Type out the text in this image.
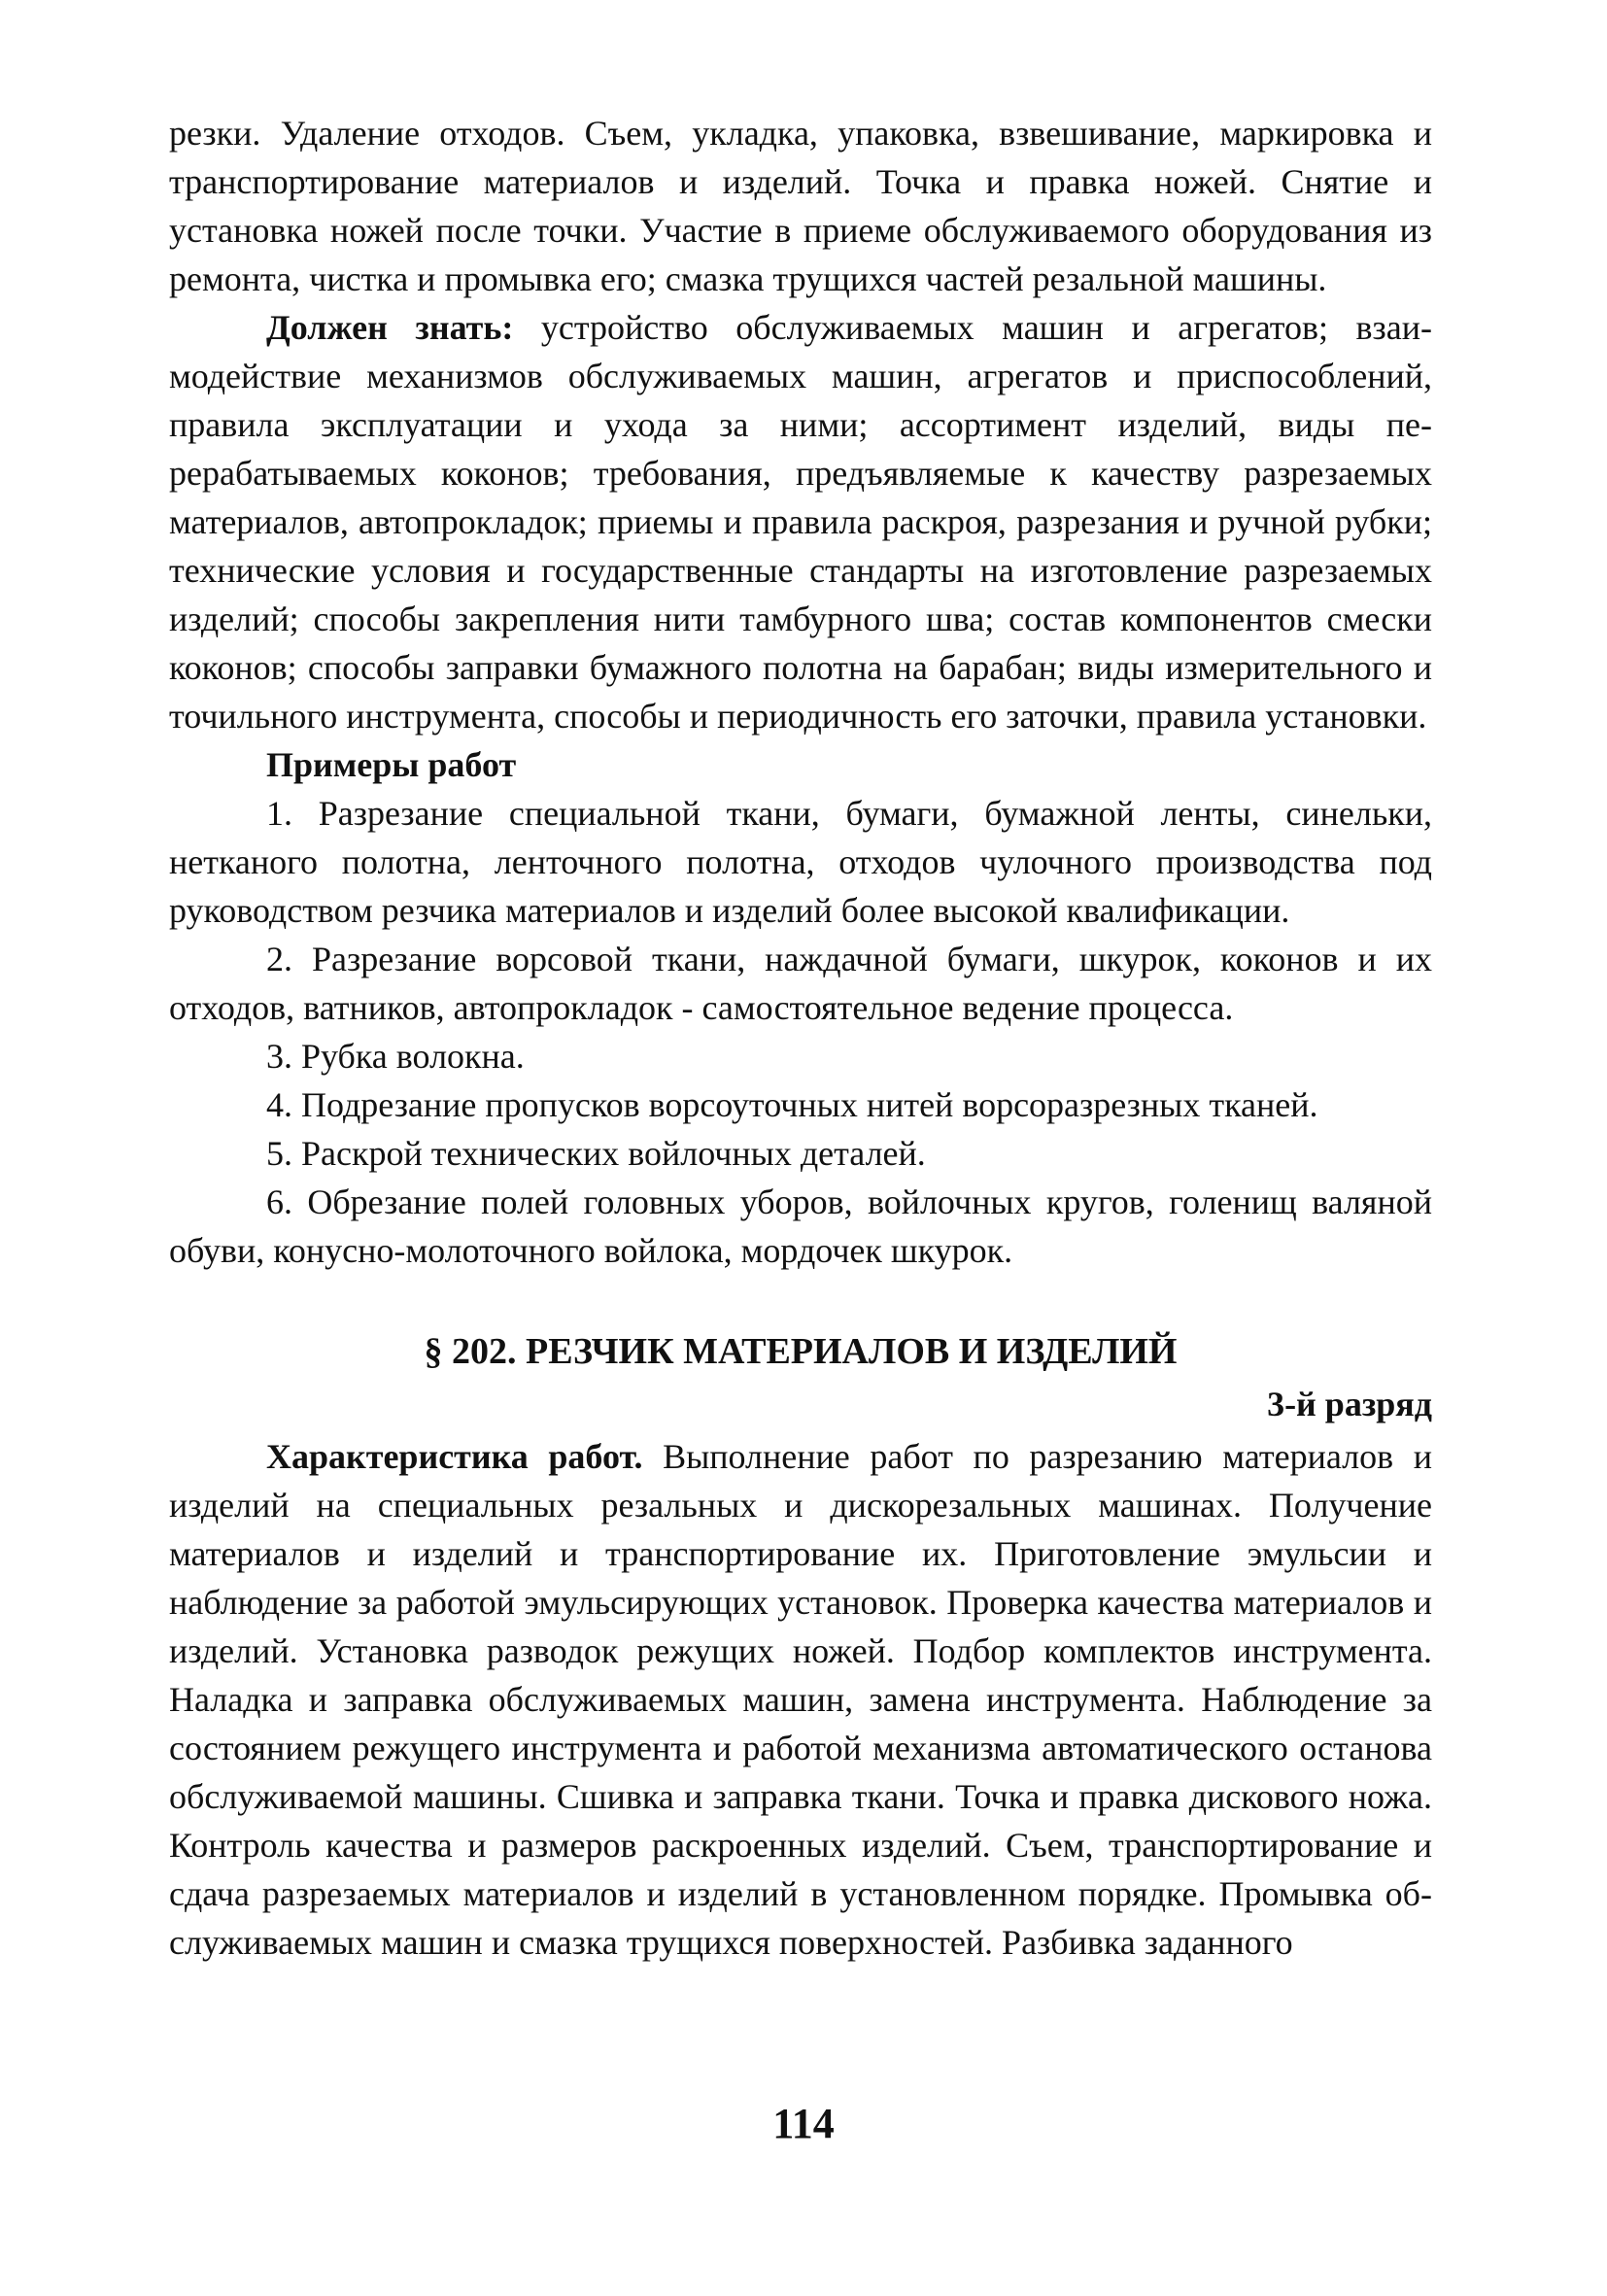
резки. Удаление отходов. Съем, укладка, упаковка, взвешивание, маркировка и транспортирование материалов и изделий. Точка и правка ножей. Снятие и установка ножей после точки. Участие в приеме обслуживаемого оборудования из ремонта, чистка и промывка его; смазка трущихся частей резальной машины.

Должен знать: устройство обслуживаемых машин и агрегатов; взаимодействие механизмов обслуживаемых машин, агрегатов и приспособлений, правила эксплуатации и ухода за ними; ассортимент изделий, виды перерабатываемых коконов; требования, предъявляемые к качеству разрезаемых материалов, автопрокладок; приемы и правила раскроя, разрезания и ручной рубки; технические условия и государственные стандарты на изготовление разрезаемых изделий; способы закрепления нити тамбурного шва; состав компонентов смески коконов; способы заправки бумажного полотна на барабан; виды измерительного и точильного инструмента, способы и периодичность его заточки, правила установки.

Примеры работ

1. Разрезание специальной ткани, бумаги, бумажной ленты, синельки, нетканого полотна, ленточного полотна, отходов чулочного производства под руководством резчика материалов и изделий более высокой квалификации.

2. Разрезание ворсовой ткани, наждачной бумаги, шкурок, коконов и их отходов, ватников, автопрокладок - самостоятельное ведение процесса.

3. Рубка волокна.

4. Подрезание пропусков ворсоуточных нитей ворсоразрезных тканей.

5. Раскрой технических войлочных деталей.

6. Обрезание полей головных уборов, войлочных кругов, голенищ валяной обуви, конусно-молоточного войлока, мордочек шкурок.

§ 202. РЕЗЧИК МАТЕРИАЛОВ И ИЗДЕЛИЙ

3-й разряд

Характеристика работ. Выполнение работ по разрезанию материалов и изделий на специальных резальных и дискорезальных машинах. Получение материалов и изделий и транспортирование их. Приготовление эмульсии и наблюдение за работой эмульсирующих установок. Проверка качества материалов и изделий. Установка разводок режущих ножей. Подбор комплектов инструмента. Наладка и заправка обслуживаемых машин, замена инструмента. Наблюдение за состоянием режущего инструмента и работой механизма автоматического останова обслуживаемой машины. Сшивка и заправка ткани. Точка и правка дискового ножа. Контроль качества и размеров раскроенных изделий. Съем, транспортирование и сдача разрезаемых материалов и изделий в установленном порядке. Промывка обслуживаемых машин и смазка трущихся поверхностей. Разбивка заданного

114
